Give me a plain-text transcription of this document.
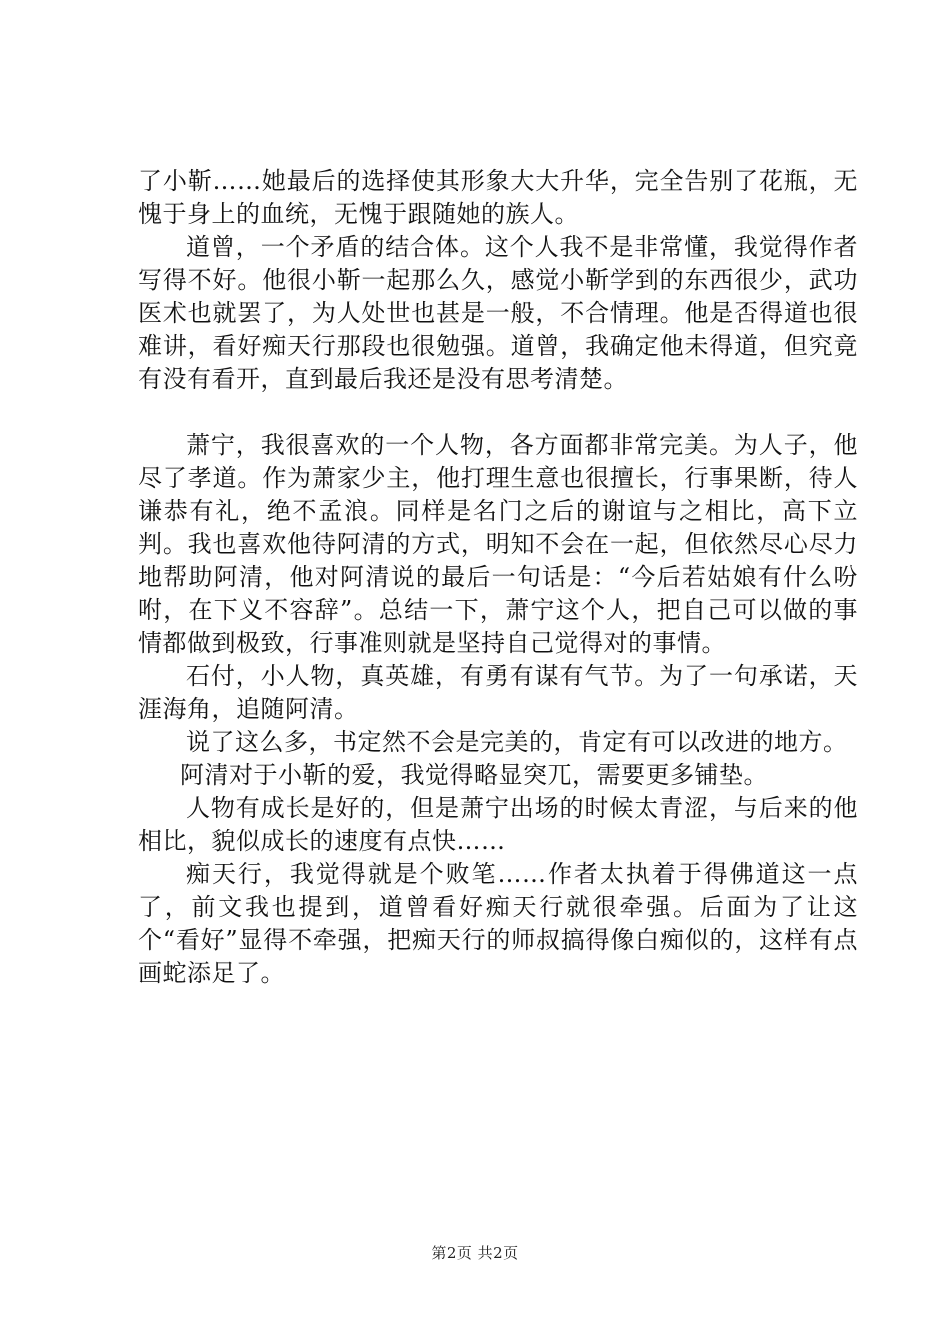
了小靳……她最后的选择使其形象大大升华，完全告别了花瓶，无愧于身上的血统，无愧于跟随她的族人。

道曾，一个矛盾的结合体。这个人我不是非常懂，我觉得作者写得不好。他很小靳一起那么久，感觉小靳学到的东西很少，武功医术也就罢了，为人处世也甚是一般，不合情理。他是否得道也很难讲，看好痴天行那段也很勉强。道曾，我确定他未得道，但究竟有没有看开，直到最后我还是没有思考清楚。

萧宁，我很喜欢的一个人物，各方面都非常完美。为人子，他尽了孝道。作为萧家少主，他打理生意也很擅长，行事果断，待人谦恭有礼，绝不孟浪。同样是名门之后的谢谊与之相比，高下立判。我也喜欢他待阿清的方式，明知不会在一起，但依然尽心尽力地帮助阿清，他对阿清说的最后一句话是：“今后若姑娘有什么吩咐，在下义不容辞”。总结一下，萧宁这个人，把自己可以做的事情都做到极致，行事准则就是坚持自己觉得对的事情。

石付，小人物，真英雄，有勇有谋有气节。为了一句承诺，天涯海角，追随阿清。

说了这么多，书定然不会是完美的，肯定有可以改进的地方。

阿清对于小靳的爱，我觉得略显突兀，需要更多铺垫。

人物有成长是好的，但是萧宁出场的时候太青涩，与后来的他相比，貌似成长的速度有点快……

痴天行，我觉得就是个败笔……作者太执着于得佛道这一点了，前文我也提到，道曾看好痴天行就很牵强。后面为了让这个“看好”显得不牵强，把痴天行的师叔搞得像白痴似的，这样有点画蛇添足了。

第2页 共2页
